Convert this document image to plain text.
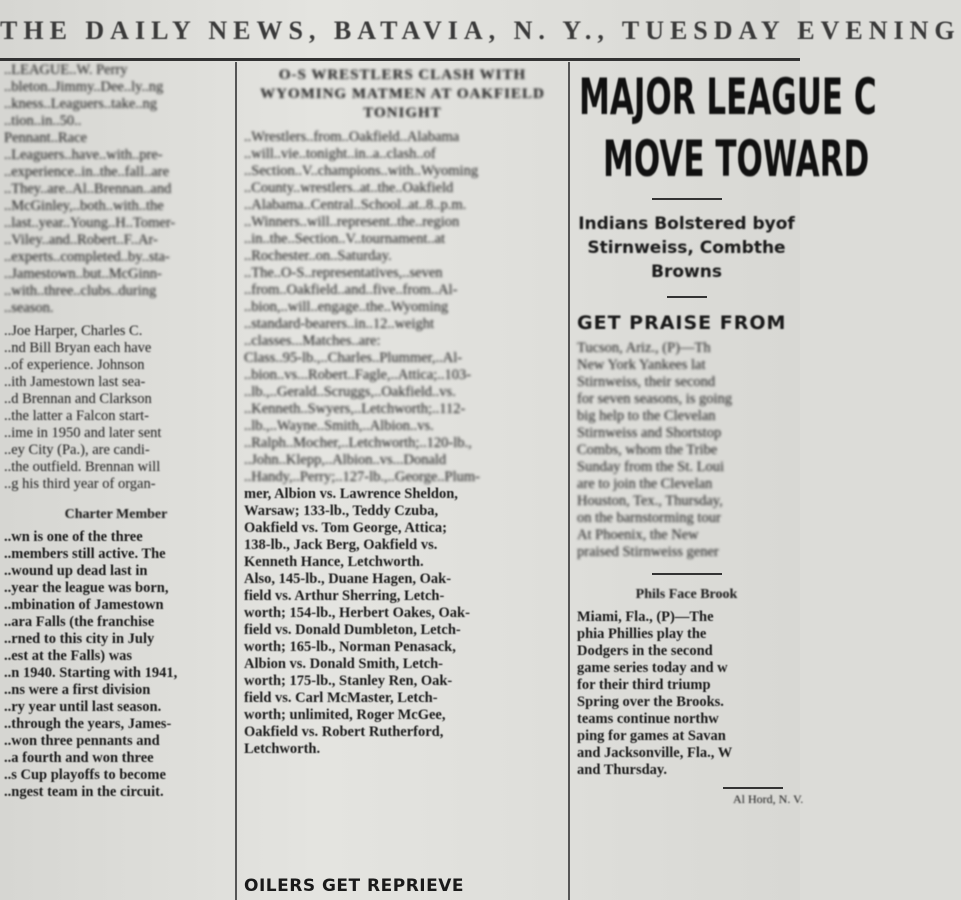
THE DAILY NEWS, BATAVIA, N. Y., TUESDAY EVENING
..LEAGUE..W. Perry
..bleton..Jimmy..Dee..ly..ng
..kness..Leaguers..take..ng
..tion..in..50..
Pennant..Race
..Leaguers..have..with..pre-
..experience..in..the..fall..are
..They..are..Al..Brennan..and
..McGinley,..both..with..the
..last..year..Young..H..Tomer-
..Viley..and..Robert..F..Ar-
..experts..completed..by..sta-
..Jamestown..but..McGinn-
..with..three..clubs..during
..season.
..Joe Harper, Charles C.
..nd Bill Bryan each have
..of experience. Johnson
..ith Jamestown last sea-
..d Brennan and Clarkson
..the latter a Falcon start-
..ime in 1950 and later sent
..ey City (Pa.), are candi-
..the outfield. Brennan will
..g his third year of organ-
Charter Member
..wn is one of the three
..members still active. The
..wound up dead last in
..year the league was born,
..mbination of Jamestown
..ara Falls (the franchise
..rned to this city in July
..est at the Falls) was
..n 1940. Starting with 1941,
..ns were a first division
..ry year until last season.
..through the years, James-
..won three pennants and
..a fourth and won three
..s Cup playoffs to become
..ngest team in the circuit.
O-S WRESTLERS CLASH WITH WYOMING MATMEN AT OAKFIELD TONIGHT
..Wrestlers..from..Oakfield..Alabama
..will..vie..tonight..in..a..clash..of
..Section..V..champions..with..Wyoming
..County..wrestlers..at..the..Oakfield
..Alabama..Central..School..at..8..p.m.
..Winners..will..represent..the..region
..in..the..Section..V..tournament..at
..Rochester..on..Saturday.
..The..O-S..representatives,..seven
..from..Oakfield..and..five..from..Al-
..bion,..will..engage..the..Wyoming
..standard-bearers..in..12..weight
..classes...Matches..are:
Class..95-lb.,..Charles..Plummer,..Al-
..bion..vs...Robert..Fagle,..Attica;..103-
..lb.,..Gerald..Scruggs,..Oakfield..vs.
..Kenneth..Swyers,..Letchworth;..112-
..lb.,..Wayne..Smith,..Albion..vs.
..Ralph..Mocher,..Letchworth;..120-lb.,
..John..Klepp,..Albion..vs...Donald
..Handy,..Perry;..127-lb.,..George..Plum-
mer, Albion vs. Lawrence Sheldon,
Warsaw; 133-lb., Teddy Czuba,
Oakfield vs. Tom George, Attica;
138-lb., Jack Berg, Oakfield vs.
Kenneth Hance, Letchworth.
Also, 145-lb., Duane Hagen, Oak-
field vs. Arthur Sherring, Letch-
worth; 154-lb., Herbert Oakes, Oak-
field vs. Donald Dumbleton, Letch-
worth; 165-lb., Norman Penasack,
Albion vs. Donald Smith, Letch-
worth; 175-lb., Stanley Ren, Oak-
field vs. Carl McMaster, Letch-
worth; unlimited, Roger McGee,
Oakfield vs. Robert Rutherford,
Letchworth.
OILERS GET REPRIEVE
MAJOR LEAGUE C
MOVE TOWARD
Indians Bolstered byof Stirnweiss, Combthe Browns
GET PRAISE FROM
Tucson, Ariz., (P)—Th
New York Yankees lat
Stirnweiss, their second
for seven seasons, is going
big help to the Clevelan
Stirnweiss and Shortstop
Combs, whom the Tribe
Sunday from the St. Loui
are to join the Clevelan
Houston, Tex., Thursday,
on the barnstorming tour
At Phoenix, the New
praised Stirnweiss gener
Phils Face Brook
Miami, Fla., (P)—The
phia Phillies play the
Dodgers in the second
game series today and w
for their third triump
Spring over the Brooks.
teams continue northw
ping for games at Savan
and Jacksonville, Fla., W
and Thursday.
Al Hord, N. V.
